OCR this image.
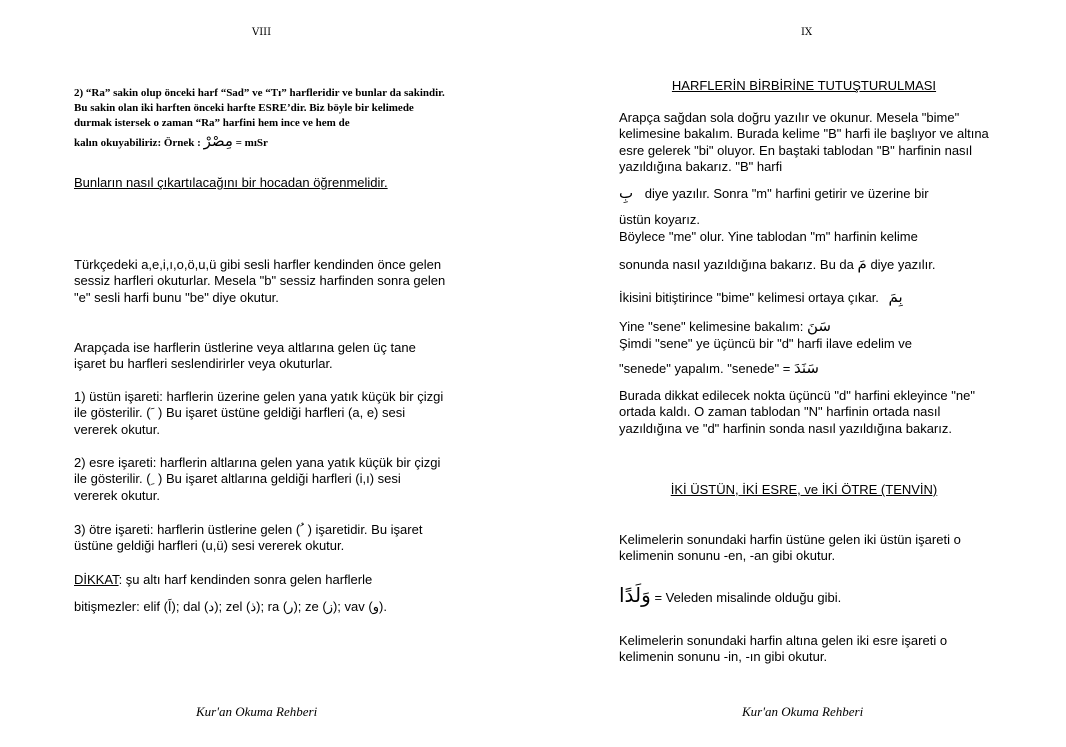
VIII

2) “Ra” sakin olup önceki harf “Sad” ve “Tı” harfleridir ve bunlar da sakindir. Bu sakin olan iki harften önceki harfte ESRE’dir. Biz böyle bir kelimede durmak istersek o zaman “Ra” harfini hem ince ve hem de

kalın okuyabiliriz: Örnek : مِصْرْ = mıSr

Bunların nasıl çıkartılacağını bir hocadan öğrenmelidir.

Türkçedeki a,e,i,ı,o,ö,u,ü gibi sesli harfler kendinden önce gelen sessiz harfleri okuturlar. Mesela "b" sessiz harfinden sonra gelen "e" sesli harfi bunu "be" diye okutur.

Arapçada ise harflerin üstlerine veya altlarına gelen üç tane işaret bu harfleri seslendirirler veya okuturlar.

1) üstün işareti: harflerin üzerine gelen yana yatık küçük bir çizgi ile gösterilir. ( َ ) Bu işaret üstüne geldiği harfleri (a, e) sesi vererek okutur.

2) esre işareti: harflerin altlarına gelen yana yatık küçük bir çizgi ile gösterilir. ( ِ ) Bu işaret altlarına geldiği harfleri (i,ı) sesi vererek okutur.

3) ötre işareti: harflerin üstlerine gelen ( ُ ) işaretidir. Bu işaret üstüne geldiği harfleri (u,ü) sesi vererek okutur.

DİKKAT: şu altı harf kendinden sonra gelen harflerle
bitişmezler: elif (اَ); dal (د); zel (ذ); ra (ر); ze (ز); vav (و).
Kur'an Okuma Rehberi
IX
HARFLERİN BİRBİRİNE TUTUŞTURULMASI

Arapça sağdan sola doğru yazılır ve okunur. Mesela "bime" kelimesine bakalım. Burada kelime "B" harfi ile başlıyor ve altına esre gelerek "bi" oluyor. En baştaki tablodan "B" harfinin nasıl yazıldığına bakarız. "B" harfi

بِ diye yazılır. Sonra "m" harfini getirir ve üzerine bir
üstün koyarız.
Böylece "me" olur. Yine tablodan "m" harfinin kelime
sonunda nasıl yazıldığına bakarız. Bu da مَ diye yazılır.
İkisini bitiştirince "bime" kelimesi ortaya çıkar. بِمَ
Yine "sene" kelimesine bakalım: سَنَ
Şimdi "sene" ye üçüncü bir "d" harfi ilave edelim ve
"senede" yapalım. "senede" = سَنَدَ

Burada dikkat edilecek nokta üçüncü "d" harfini ekleyince "ne" ortada kaldı. O zaman tablodan "N" harfinin ortada nasıl yazıldığına ve "d" harfinin sonda nasıl yazıldığına bakarız.

İKİ ÜSTÜN, İKİ ESRE, ve İKİ ÖTRE (TENVİN)

Kelimelerin sonundaki harfin üstüne gelen iki üstün işareti o kelimenin sonunu -en, -an gibi okutur.

وَلَدًا = Veleden misalinde olduğu gibi.

Kelimelerin sonundaki harfin altına gelen iki esre işareti o kelimenin sonunu -in, -ın gibi okutur.

Kur'an Okuma Rehberi
